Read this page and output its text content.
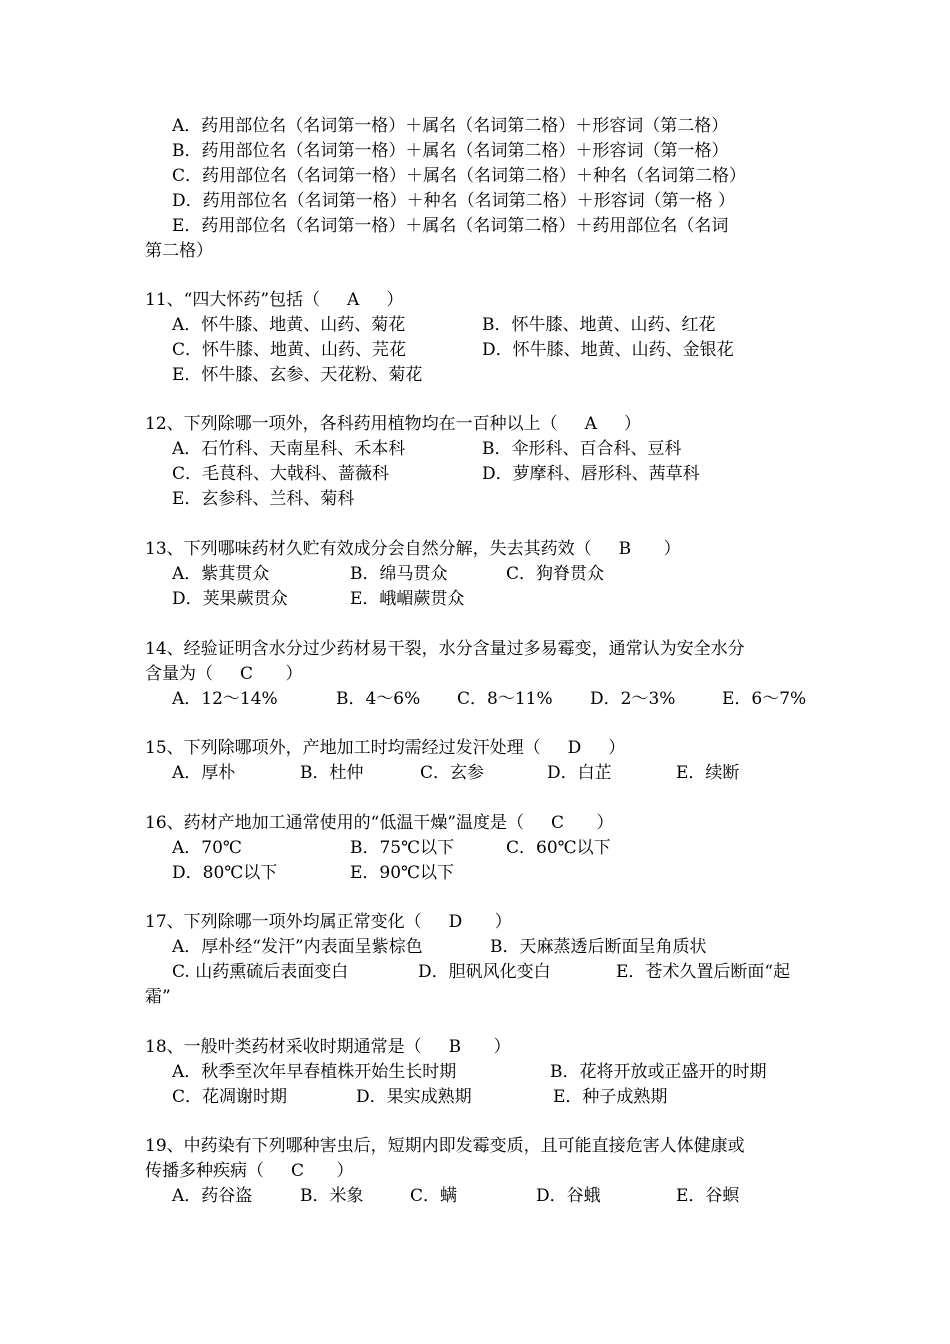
A．药用部位名（名词第一格）＋属名（名词第二格）＋形容词（第二格）
B．药用部位名（名词第一格）＋属名（名词第二格）＋形容词（第一格）
C．药用部位名（名词第一格）＋属名（名词第二格）＋种名（名词第二格）
D．药用部位名（名词第一格）＋种名（名词第二格）＋形容词（第一格 ）
E．药用部位名（名词第一格）＋属名（名词第二格）＋药用部位名（名词
第二格）
11、“四大怀药”包括（     A     ）
A．怀牛膝、地黄、山药、菊花	B．怀牛膝、地黄、山药、红花
C．怀牛膝、地黄、山药、芫花	D．怀牛膝、地黄、山药、金银花
E．怀牛膝、玄参、天花粉、菊花
12、下列除哪一项外，各科药用植物均在一百种以上（     A     ）
A．石竹科、天南星科、禾本科	B．伞形科、百合科、豆科
C．毛茛科、大戟科、蔷薇科	D．萝摩科、唇形科、茜草科
E．玄参科、兰科、菊科
13、下列哪味药材久贮有效成分会自然分解，失去其药效（     B      ）
A．紫萁贯众	B．绵马贯众	C．狗脊贯众
D．荚果蕨贯众	E．峨嵋蕨贯众
14、经验证明含水分过少药材易干裂，水分含量过多易霉变，通常认为安全水分
含量为（     C      ）
A．12～14%	B．4～6% C．8～11% D．2～3%	E．6～7%
15、下列除哪项外，产地加工时均需经过发汗处理（     D     ）
A．厚朴	B．杜仲	C．玄参	D．白芷	E．续断
16、药材产地加工通常使用的“低温干燥”温度是（     C      ）
A．70℃	B．75℃以下	C．60℃以下
D．80℃以下	E．90℃以下
17、下列除哪一项外均属正常变化（     D      ）
A．厚朴经“发汗”内表面呈紫棕色	B．天麻蒸透后断面呈角质状
C. 山药熏硫后表面变白	D．胆矾风化变白	E．苍术久置后断面“起
霜”
18、一般叶类药材采收时期通常是（     B      ）
A．秋季至次年早春植株开始生长时期	B．花将开放或正盛开的时期
C．花凋谢时期	D．果实成熟期	E．种子成熟期
19、中药染有下列哪种害虫后，短期内即发霉变质，且可能直接危害人体健康或
传播多种疾病（     C      ）
A．药谷盗	B．米象	C．螨	D．谷蛾	E．谷螟
